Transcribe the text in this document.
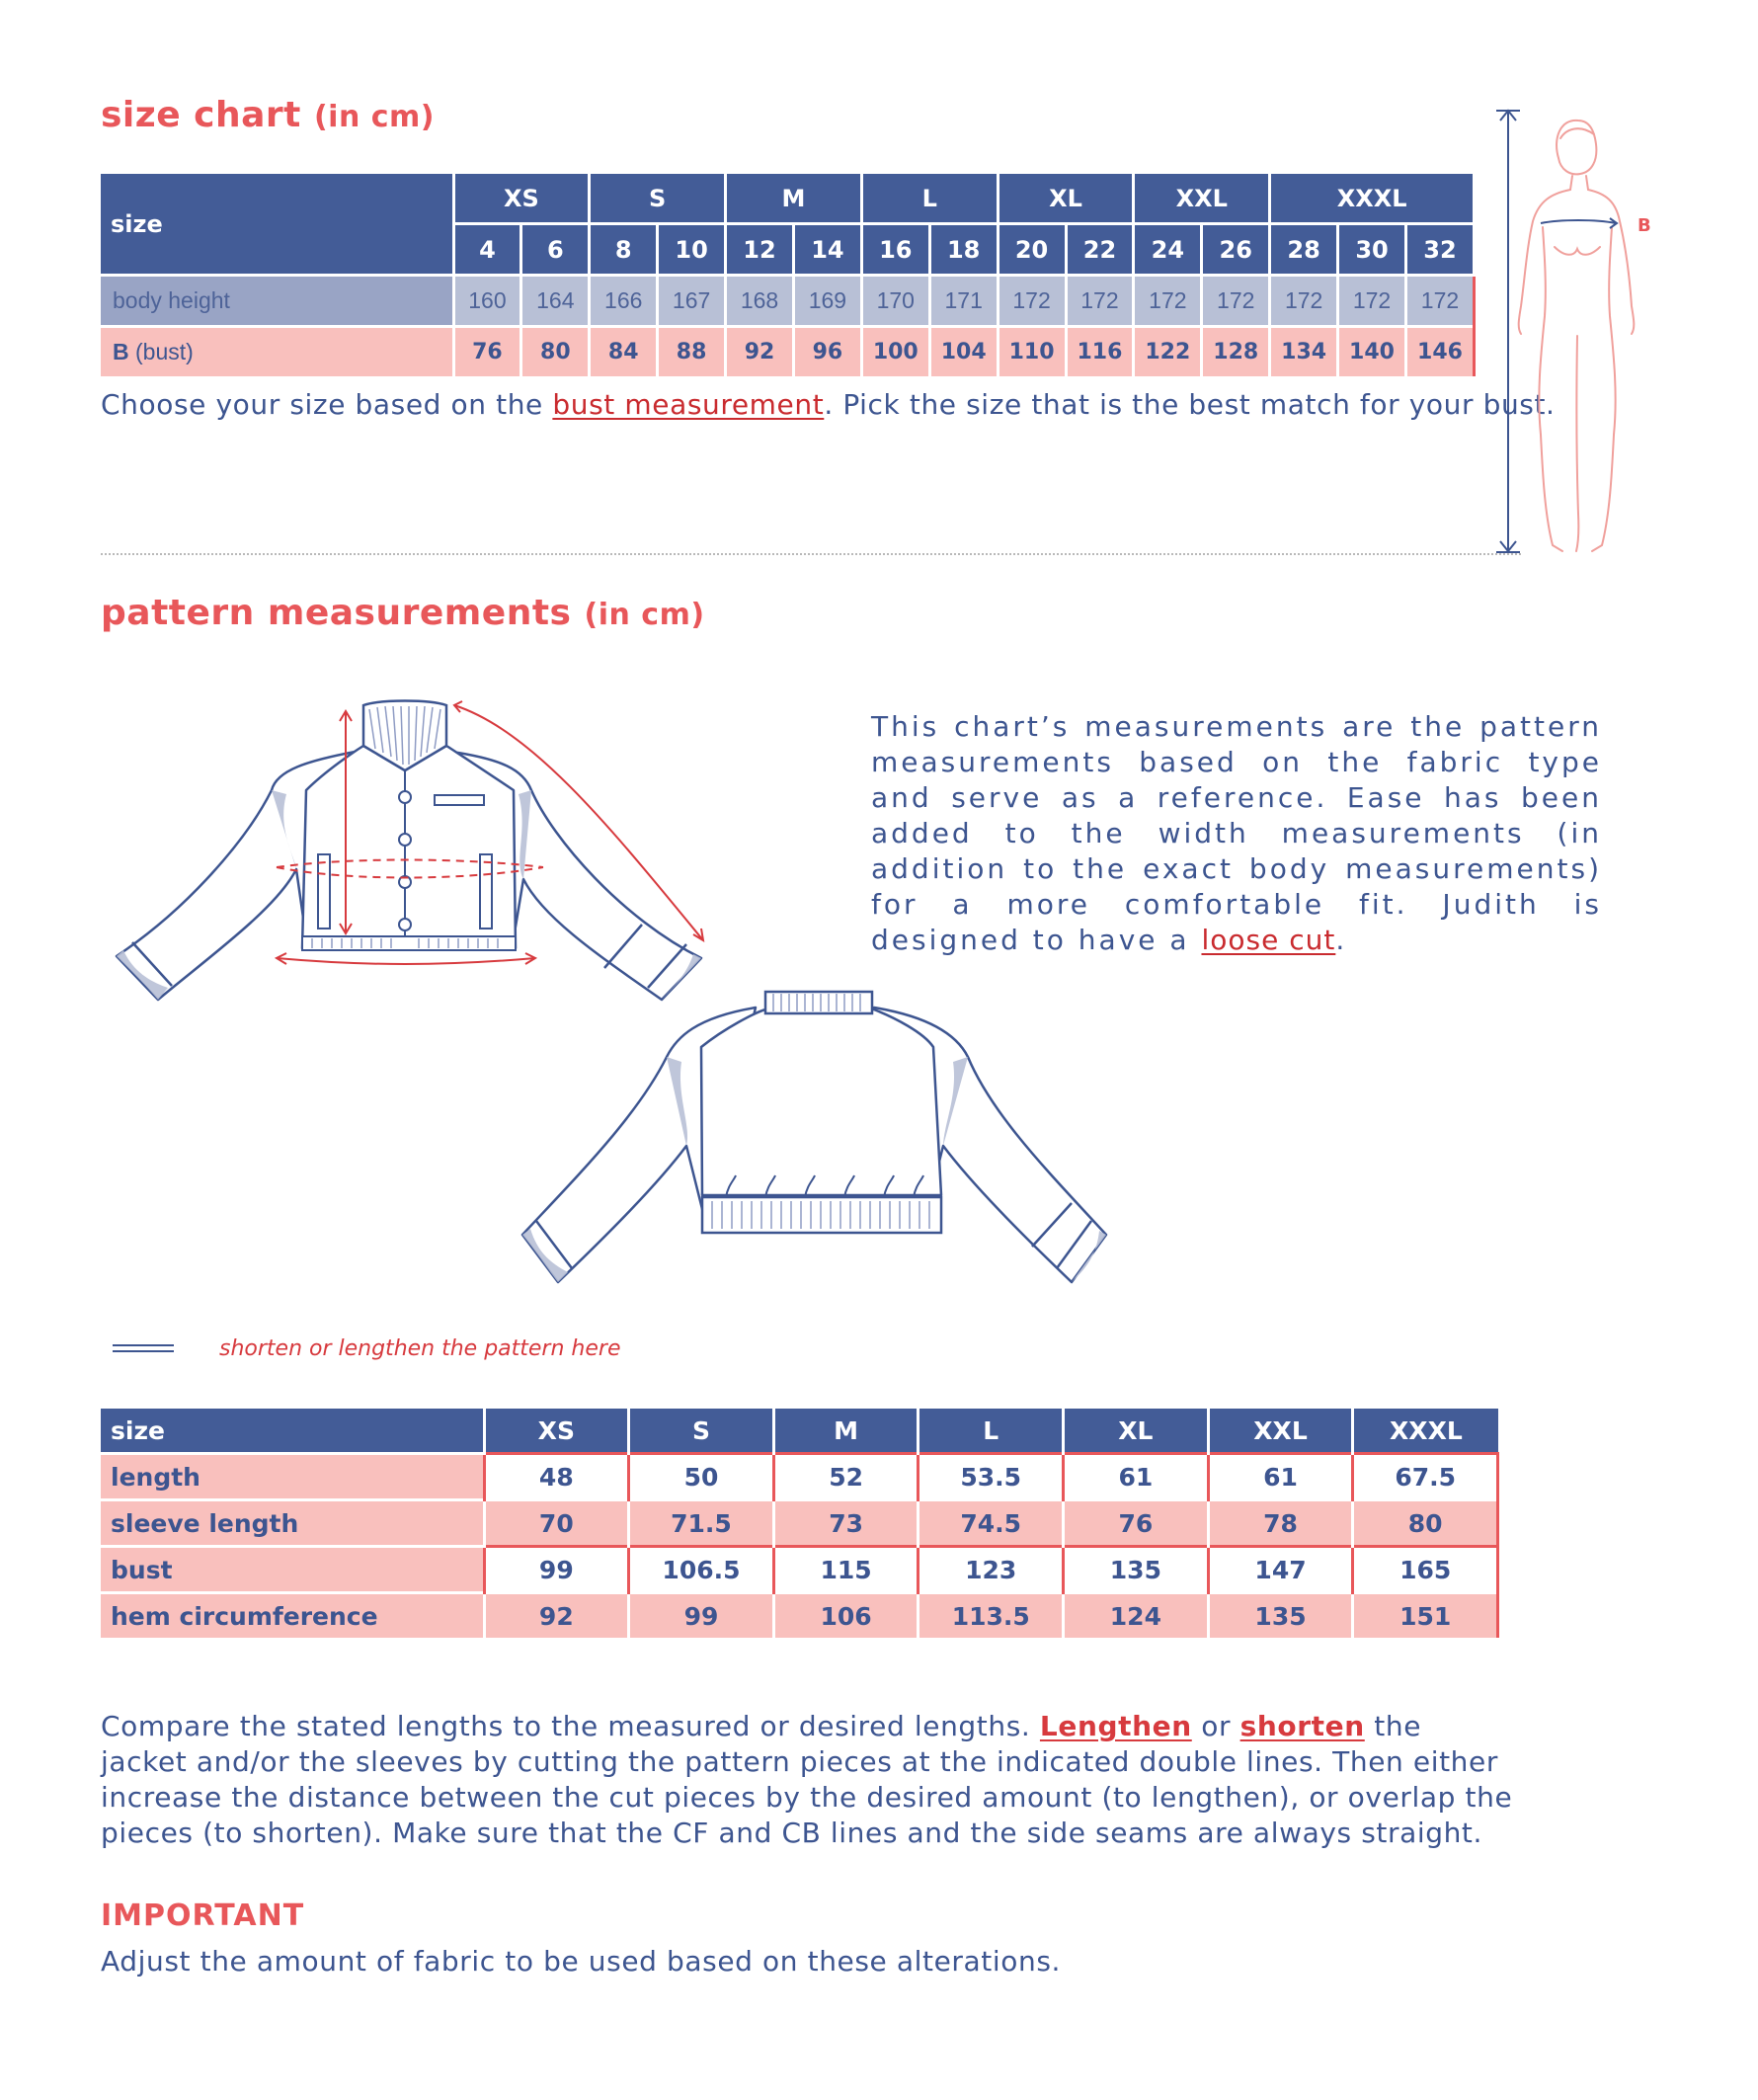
size chart (in cm)
size	XS		S		M		L		XL		XXL		XXXL		
	4	6	8	10	12	14	16	18	20	22	24	26	28	30	32
body height	160	164	166	167	168	169	170	171	172	172	172	172	172	172	172
B (bust)	76	80	84	88	92	96	100	104	110	116	122	128	134	140	146
Choose your size based on the bust measurement. Pick the size that is the best match for your bust.
B
pattern measurements (in cm)
This chart’s measurements are the pattern measurements based on the fabric type and serve as a reference. Ease has been added to the width measurements (in addition to the exact body measurements) for a more comfortable fit. Judith is designed to have a loose cut.
shorten or lengthen the pattern here
size	XS	S	M	L	XL	XXL	XXXL
length	48	50	52	53.5	61	61	67.5
sleeve length	70	71.5	73	74.5	76	78	80
bust	99	106.5	115	123	135	147	165
hem circumference	92	99	106	113.5	124	135	151
Compare the stated lengths to the measured or desired lengths. Lengthen or shorten the jacket and/or the sleeves by cutting the pattern pieces at the indicated double lines. Then either increase the distance between the cut pieces by the desired amount (to lengthen), or overlap the pieces (to shorten). Make sure that the CF and CB lines and the side seams are always straight.
IMPORTANT
Adjust the amount of fabric to be used based on these alterations.
